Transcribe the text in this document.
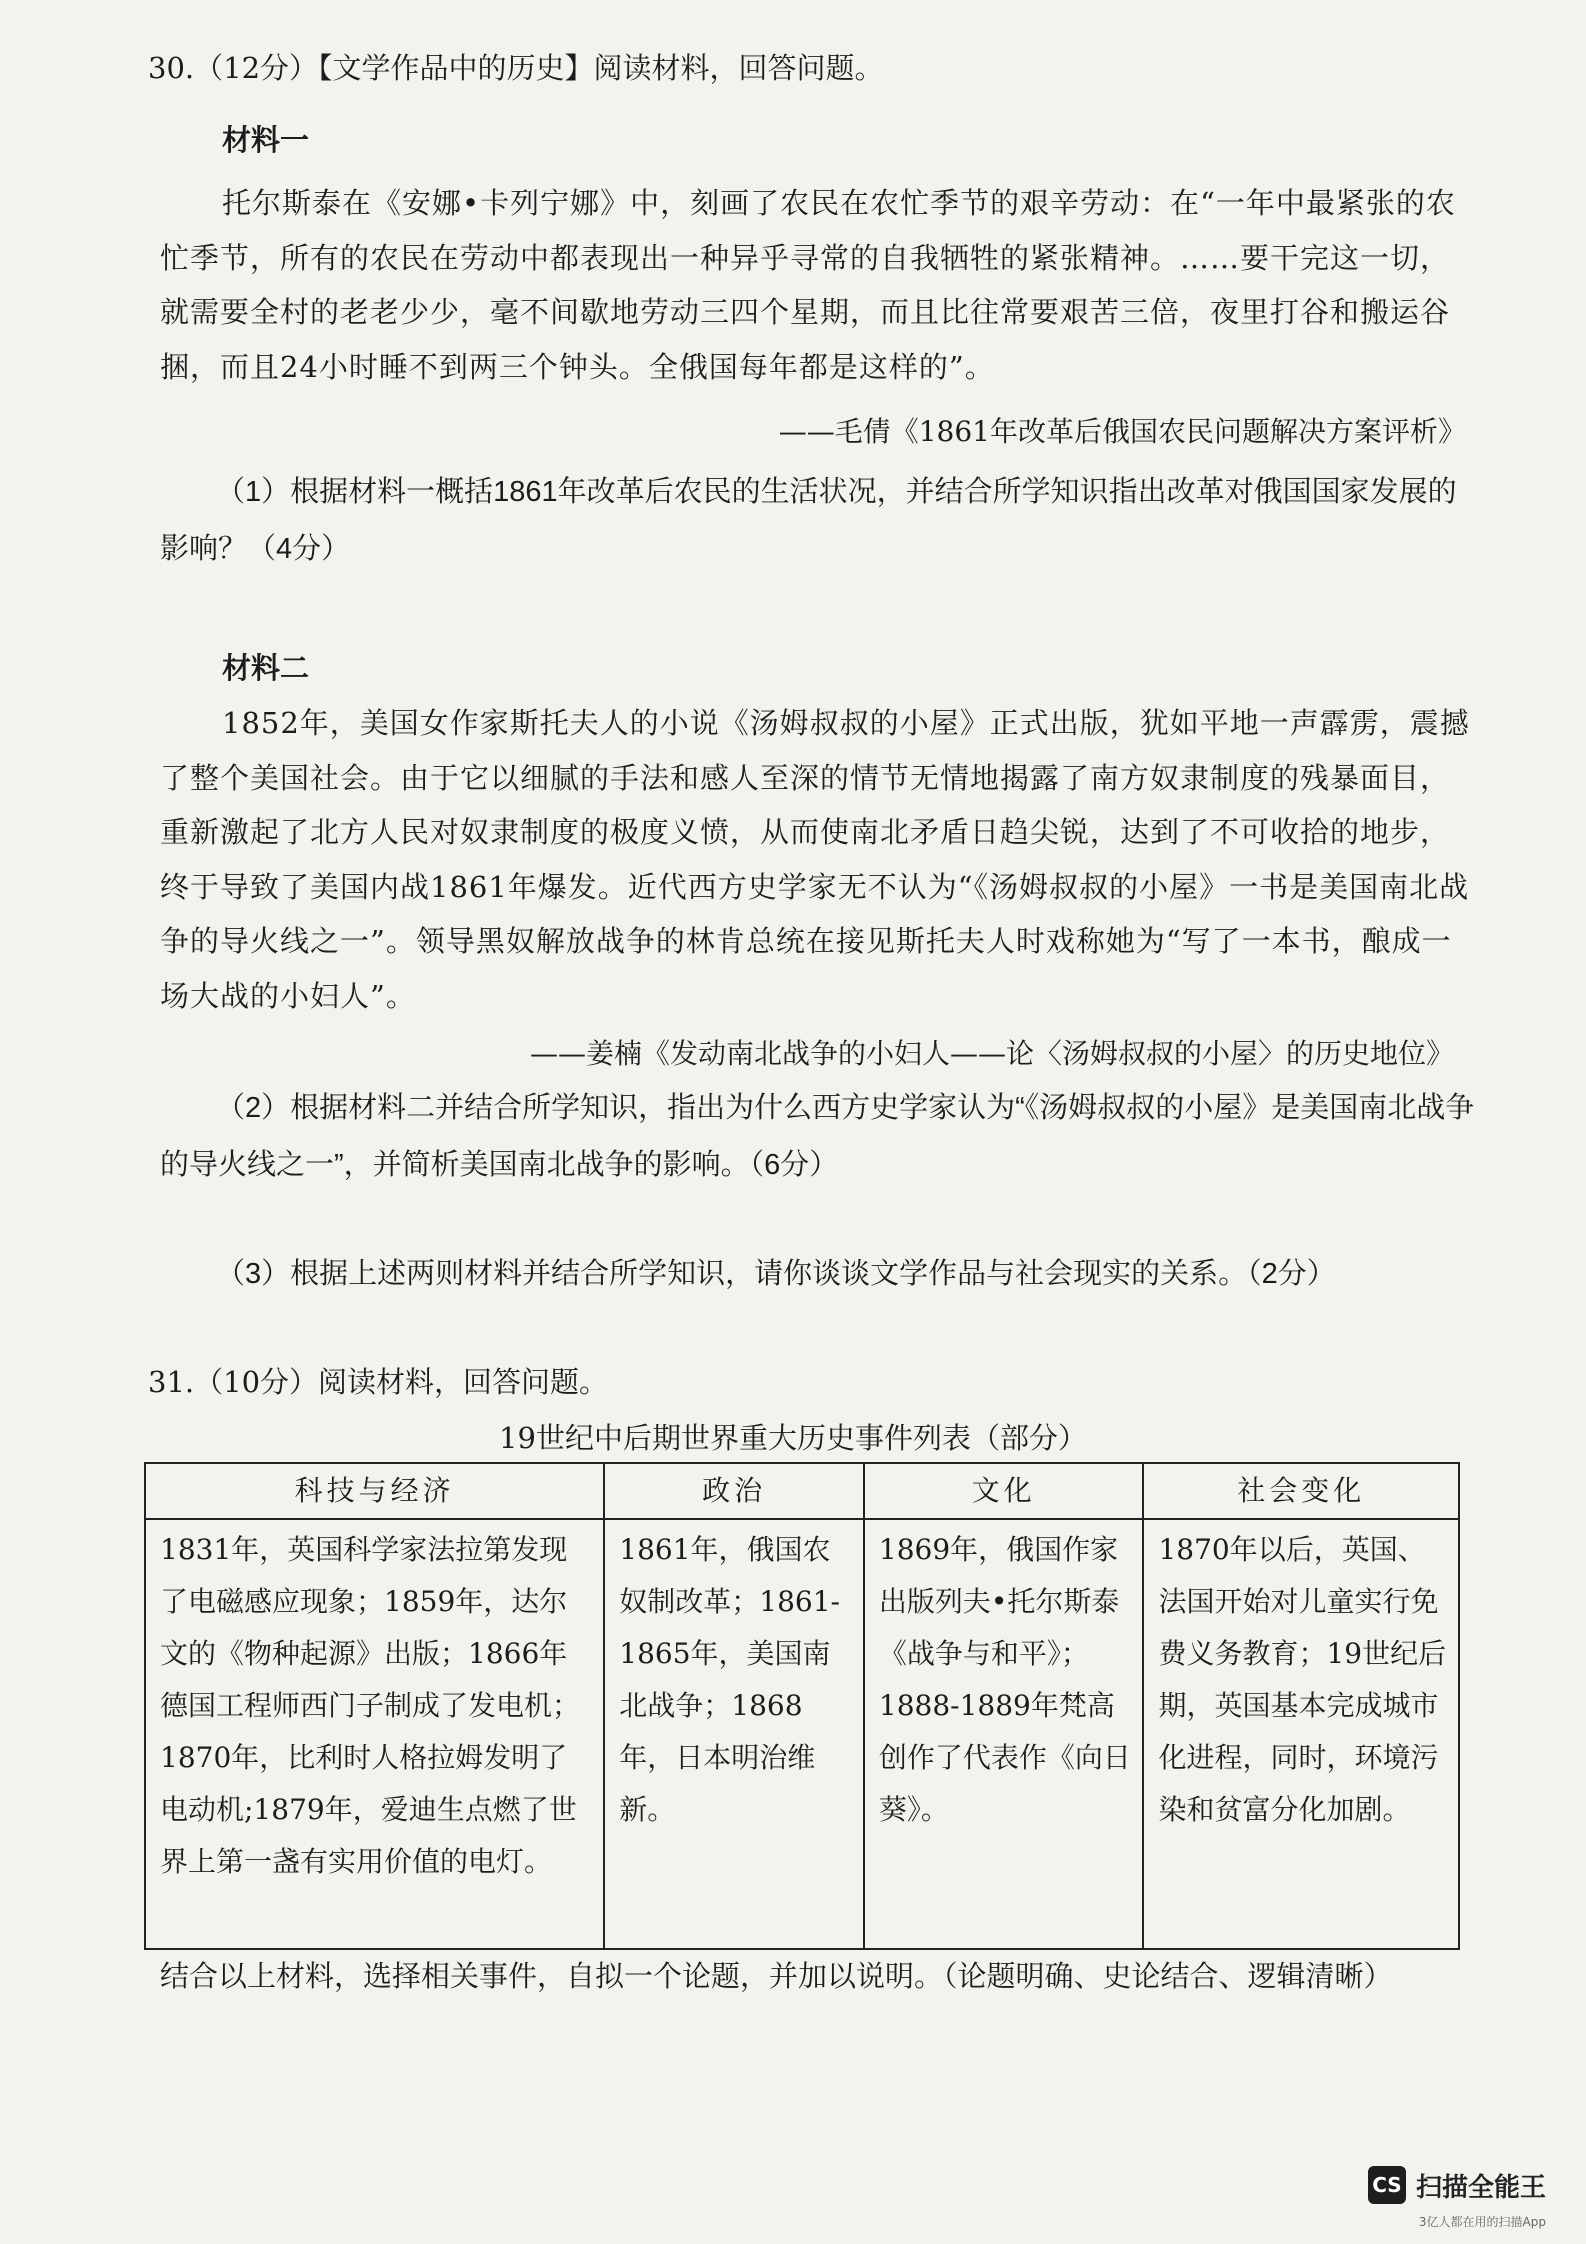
30.（12分）【文学作品中的历史】阅读材料，回答问题。
材料一
托尔斯泰在《安娜•卡列宁娜》中，刻画了农民在农忙季节的艰辛劳动：在“一年中最紧张的农忙季节，所有的农民在劳动中都表现出一种异乎寻常的自我牺牲的紧张精神。……要干完这一切，就需要全村的老老少少，毫不间歇地劳动三四个星期，而且比往常要艰苦三倍，夜里打谷和搬运谷捆，而且24小时睡不到两三个钟头。全俄国每年都是这样的”。
——毛倩《1861年改革后俄国农民问题解决方案评析》
（1）根据材料一概括1861年改革后农民的生活状况，并结合所学知识指出改革对俄国国家发展的影响？（4分）
材料二
1852年，美国女作家斯托夫人的小说《汤姆叔叔的小屋》正式出版，犹如平地一声霹雳，震撼了整个美国社会。由于它以细腻的手法和感人至深的情节无情地揭露了南方奴隶制度的残暴面目，重新激起了北方人民对奴隶制度的极度义愤，从而使南北矛盾日趋尖锐，达到了不可收拾的地步，终于导致了美国内战1861年爆发。近代西方史学家无不认为“《汤姆叔叔的小屋》一书是美国南北战争的导火线之一”。领导黑奴解放战争的林肯总统在接见斯托夫人时戏称她为“写了一本书，酿成一场大战的小妇人”。
——姜楠《发动南北战争的小妇人——论〈汤姆叔叔的小屋〉的历史地位》
（2）根据材料二并结合所学知识，指出为什么西方史学家认为“《汤姆叔叔的小屋》是美国南北战争的导火线之一”，并简析美国南北战争的影响。（6分）
（3）根据上述两则材料并结合所学知识，请你谈谈文学作品与社会现实的关系。（2分）
31.（10分）阅读材料，回答问题。
19世纪中后期世界重大历史事件列表（部分）
科技与经济	政治	文化	社会变化

1831年，英国科学家法拉第发现了电磁感应现象；1859年，达尔文的《物种起源》出版；1866年德国工程师西门子制成了发电机；1870年，比利时人格拉姆发明了电动机;1879年，爱迪生点燃了世界上第一盏有实用价值的电灯。	1861年，俄国农奴制改革；1861-1865年，美国南北战争；1868年，日本明治维新。	1869年，俄国作家出版列夫•托尔斯泰《战争与和平》；1888-1889年梵高创作了代表作《向日葵》。	1870年以后，英国、法国开始对儿童实行免费义务教育；19世纪后期，英国基本完成城市化进程，同时，环境污染和贫富分化加剧。
结合以上材料，选择相关事件，自拟一个论题，并加以说明。（论题明确、史论结合、逻辑清晰）
CS 扫描全能王
3亿人都在用的扫描App
